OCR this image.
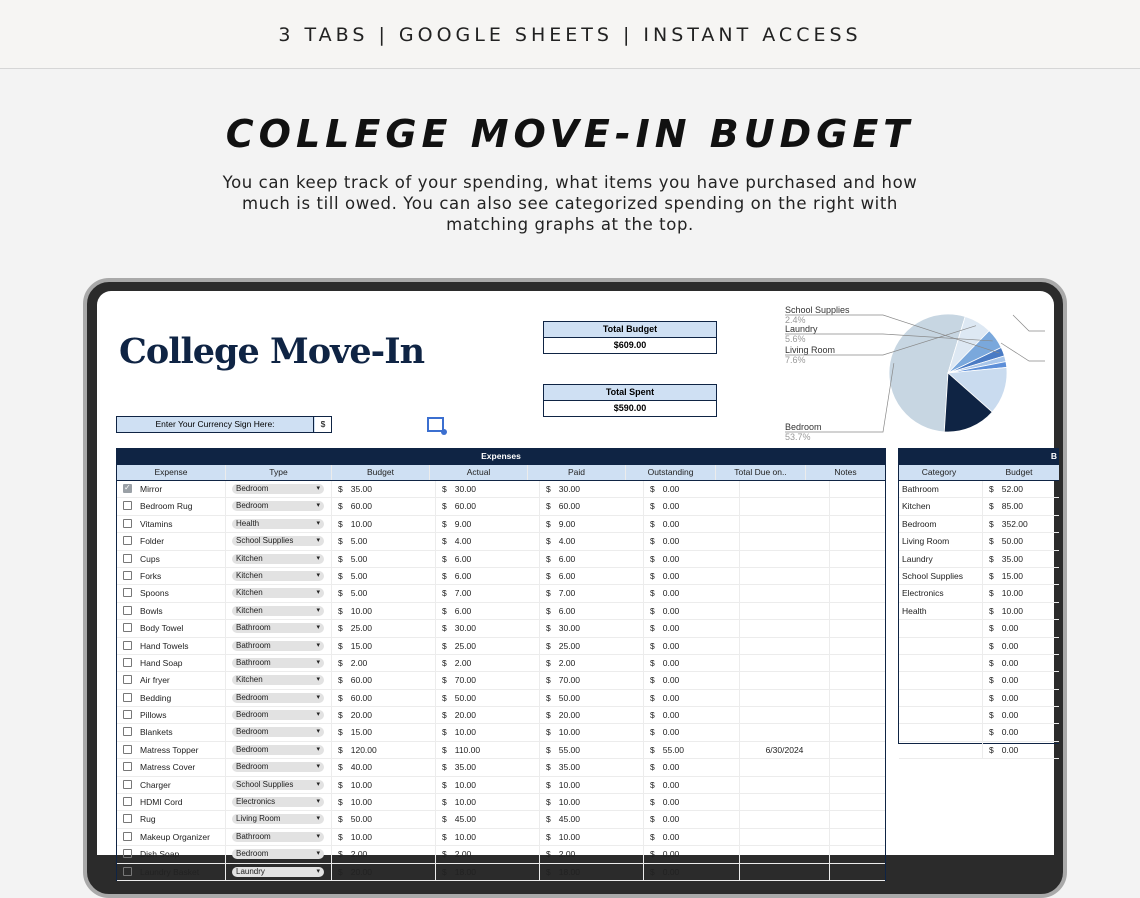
3 TABS | GOOGLE SHEETS | INSTANT ACCESS
COLLEGE MOVE-IN BUDGET
You can keep track of your spending, what items you have purchased and how much is till owed. You can also see categorized spending on the right with matching graphs at the top.
College Move-In
Total Budget
$609.00
Total Spent
$590.00
Enter Your Currency Sign Here:	$	Bedroom
53.7%
Living Room
7.6%
Laundry
5.6%
School Supplies
2.4%
Expenses
Expense	Type	Budget	Actual	Paid	Outstanding	Total Due on..	Notes
✓
Mirror	Bedroom ▾	$ 35.00	$ 30.00	$ 30.00	$ 0.00
Bedroom Rug	Bedroom ▾	$ 60.00	$ 60.00	$ 60.00	$ 0.00
Vitamins	Health ▾	$ 10.00	$ 9.00	$ 9.00	$ 0.00
Folder	School Supplies ▾	$ 5.00	$ 4.00	$ 4.00	$ 0.00
Cups	Kitchen ▾	$ 5.00	$ 6.00	$ 6.00	$ 0.00
Forks	Kitchen ▾	$ 5.00	$ 6.00	$ 6.00	$ 0.00
Spoons	Kitchen ▾	$ 5.00	$ 7.00	$ 7.00	$ 0.00
Bowls	Kitchen ▾	$ 10.00	$ 6.00	$ 6.00	$ 0.00
Body Towel	Bathroom ▾	$ 25.00	$ 30.00	$ 30.00	$ 0.00
Hand Towels	Bathroom ▾	$ 15.00	$ 25.00	$ 25.00	$ 0.00
Hand Soap	Bathroom ▾	$ 2.00	$ 2.00	$ 2.00	$ 0.00
Air fryer	Kitchen ▾	$ 60.00	$ 70.00	$ 70.00	$ 0.00
Bedding	Bedroom ▾	$ 60.00	$ 50.00	$ 50.00	$ 0.00
Pillows	Bedroom ▾	$ 20.00	$ 20.00	$ 20.00	$ 0.00
Blankets	Bedroom ▾	$ 15.00	$ 10.00	$ 10.00	$ 0.00
Matress Topper	Bedroom ▾	$ 120.00	$ 110.00	$ 55.00	$ 55.00	6/30/2024
Matress Cover	Bedroom ▾	$ 40.00	$ 35.00	$ 35.00	$ 0.00
Charger	School Supplies ▾	$ 10.00	$ 10.00	$ 10.00	$ 0.00
HDMI Cord	Electronics ▾	$ 10.00	$ 10.00	$ 10.00	$ 0.00
Rug	Living Room ▾	$ 50.00	$ 45.00	$ 45.00	$ 0.00
Makeup Organizer	Bathroom ▾	$ 10.00	$ 10.00	$ 10.00	$ 0.00
Dish Soap	Bedroom ▾	$ 2.00	$ 2.00	$ 2.00	$ 0.00
Laundry Basket	Laundry ▾	$ 20.00	$ 18.00	$ 18.00	$ 0.00
B
Category	Budget
Bathroom	$ 52.00
Kitchen	$ 85.00
Bedroom	$ 352.00
Living Room	$ 50.00
Laundry	$ 35.00
School Supplies	$ 15.00
Electronics	$ 10.00
Health	$ 10.00
$ 0.00
$ 0.00
$ 0.00
$ 0.00
$ 0.00
$ 0.00
$ 0.00
$ 0.00
